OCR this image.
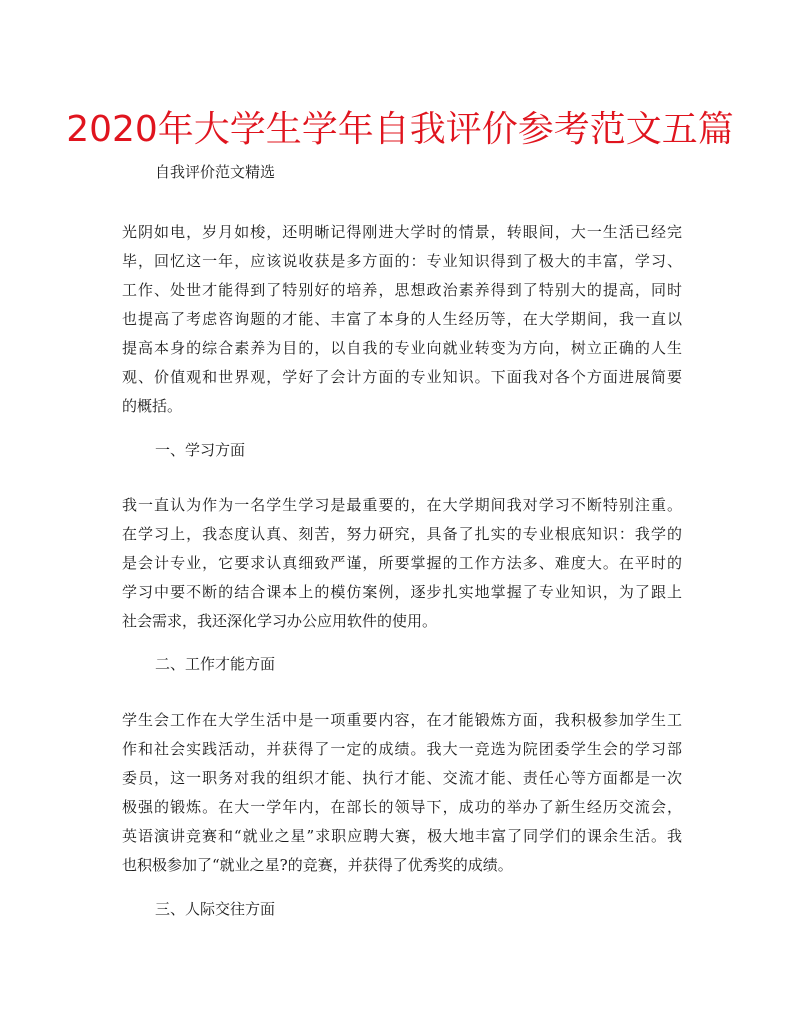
2020年大学生学年自我评价参考范文五篇

自我评价范文精选

光阴如电，岁月如梭，还明晰记得刚进大学时的情景，转眼间，大一生活已经完
毕，回忆这一年，应该说收获是多方面的：专业知识得到了极大的丰富，学习、
工作、处世才能得到了特别好的培养，思想政治素养得到了特别大的提高，同时
也提高了考虑咨询题的才能、丰富了本身的人生经历等，在大学期间，我一直以
提高本身的综合素养为目的，以自我的专业向就业转变为方向，树立正确的人生
观、价值观和世界观，学好了会计方面的专业知识。下面我对各个方面进展简要
的概括。

一、学习方面

我一直认为作为一名学生学习是最重要的，在大学期间我对学习不断特别注重。
在学习上，我态度认真、刻苦，努力研究，具备了扎实的专业根底知识：我学的
是会计专业，它要求认真细致严谨，所要掌握的工作方法多、难度大。在平时的
学习中要不断的结合课本上的模仿案例，逐步扎实地掌握了专业知识，为了跟上
社会需求，我还深化学习办公应用软件的使用。

二、工作才能方面

学生会工作在大学生活中是一项重要内容，在才能锻炼方面，我积极参加学生工
作和社会实践活动，并获得了一定的成绩。我大一竞选为院团委学生会的学习部
委员，这一职务对我的组织才能、执行才能、交流才能、责任心等方面都是一次
极强的锻炼。在大一学年内，在部长的领导下，成功的举办了新生经历交流会，
英语演讲竞赛和“就业之星”求职应聘大赛，极大地丰富了同学们的课余生活。我
也积极参加了“就业之星?的竞赛，并获得了优秀奖的成绩。

三、人际交往方面
